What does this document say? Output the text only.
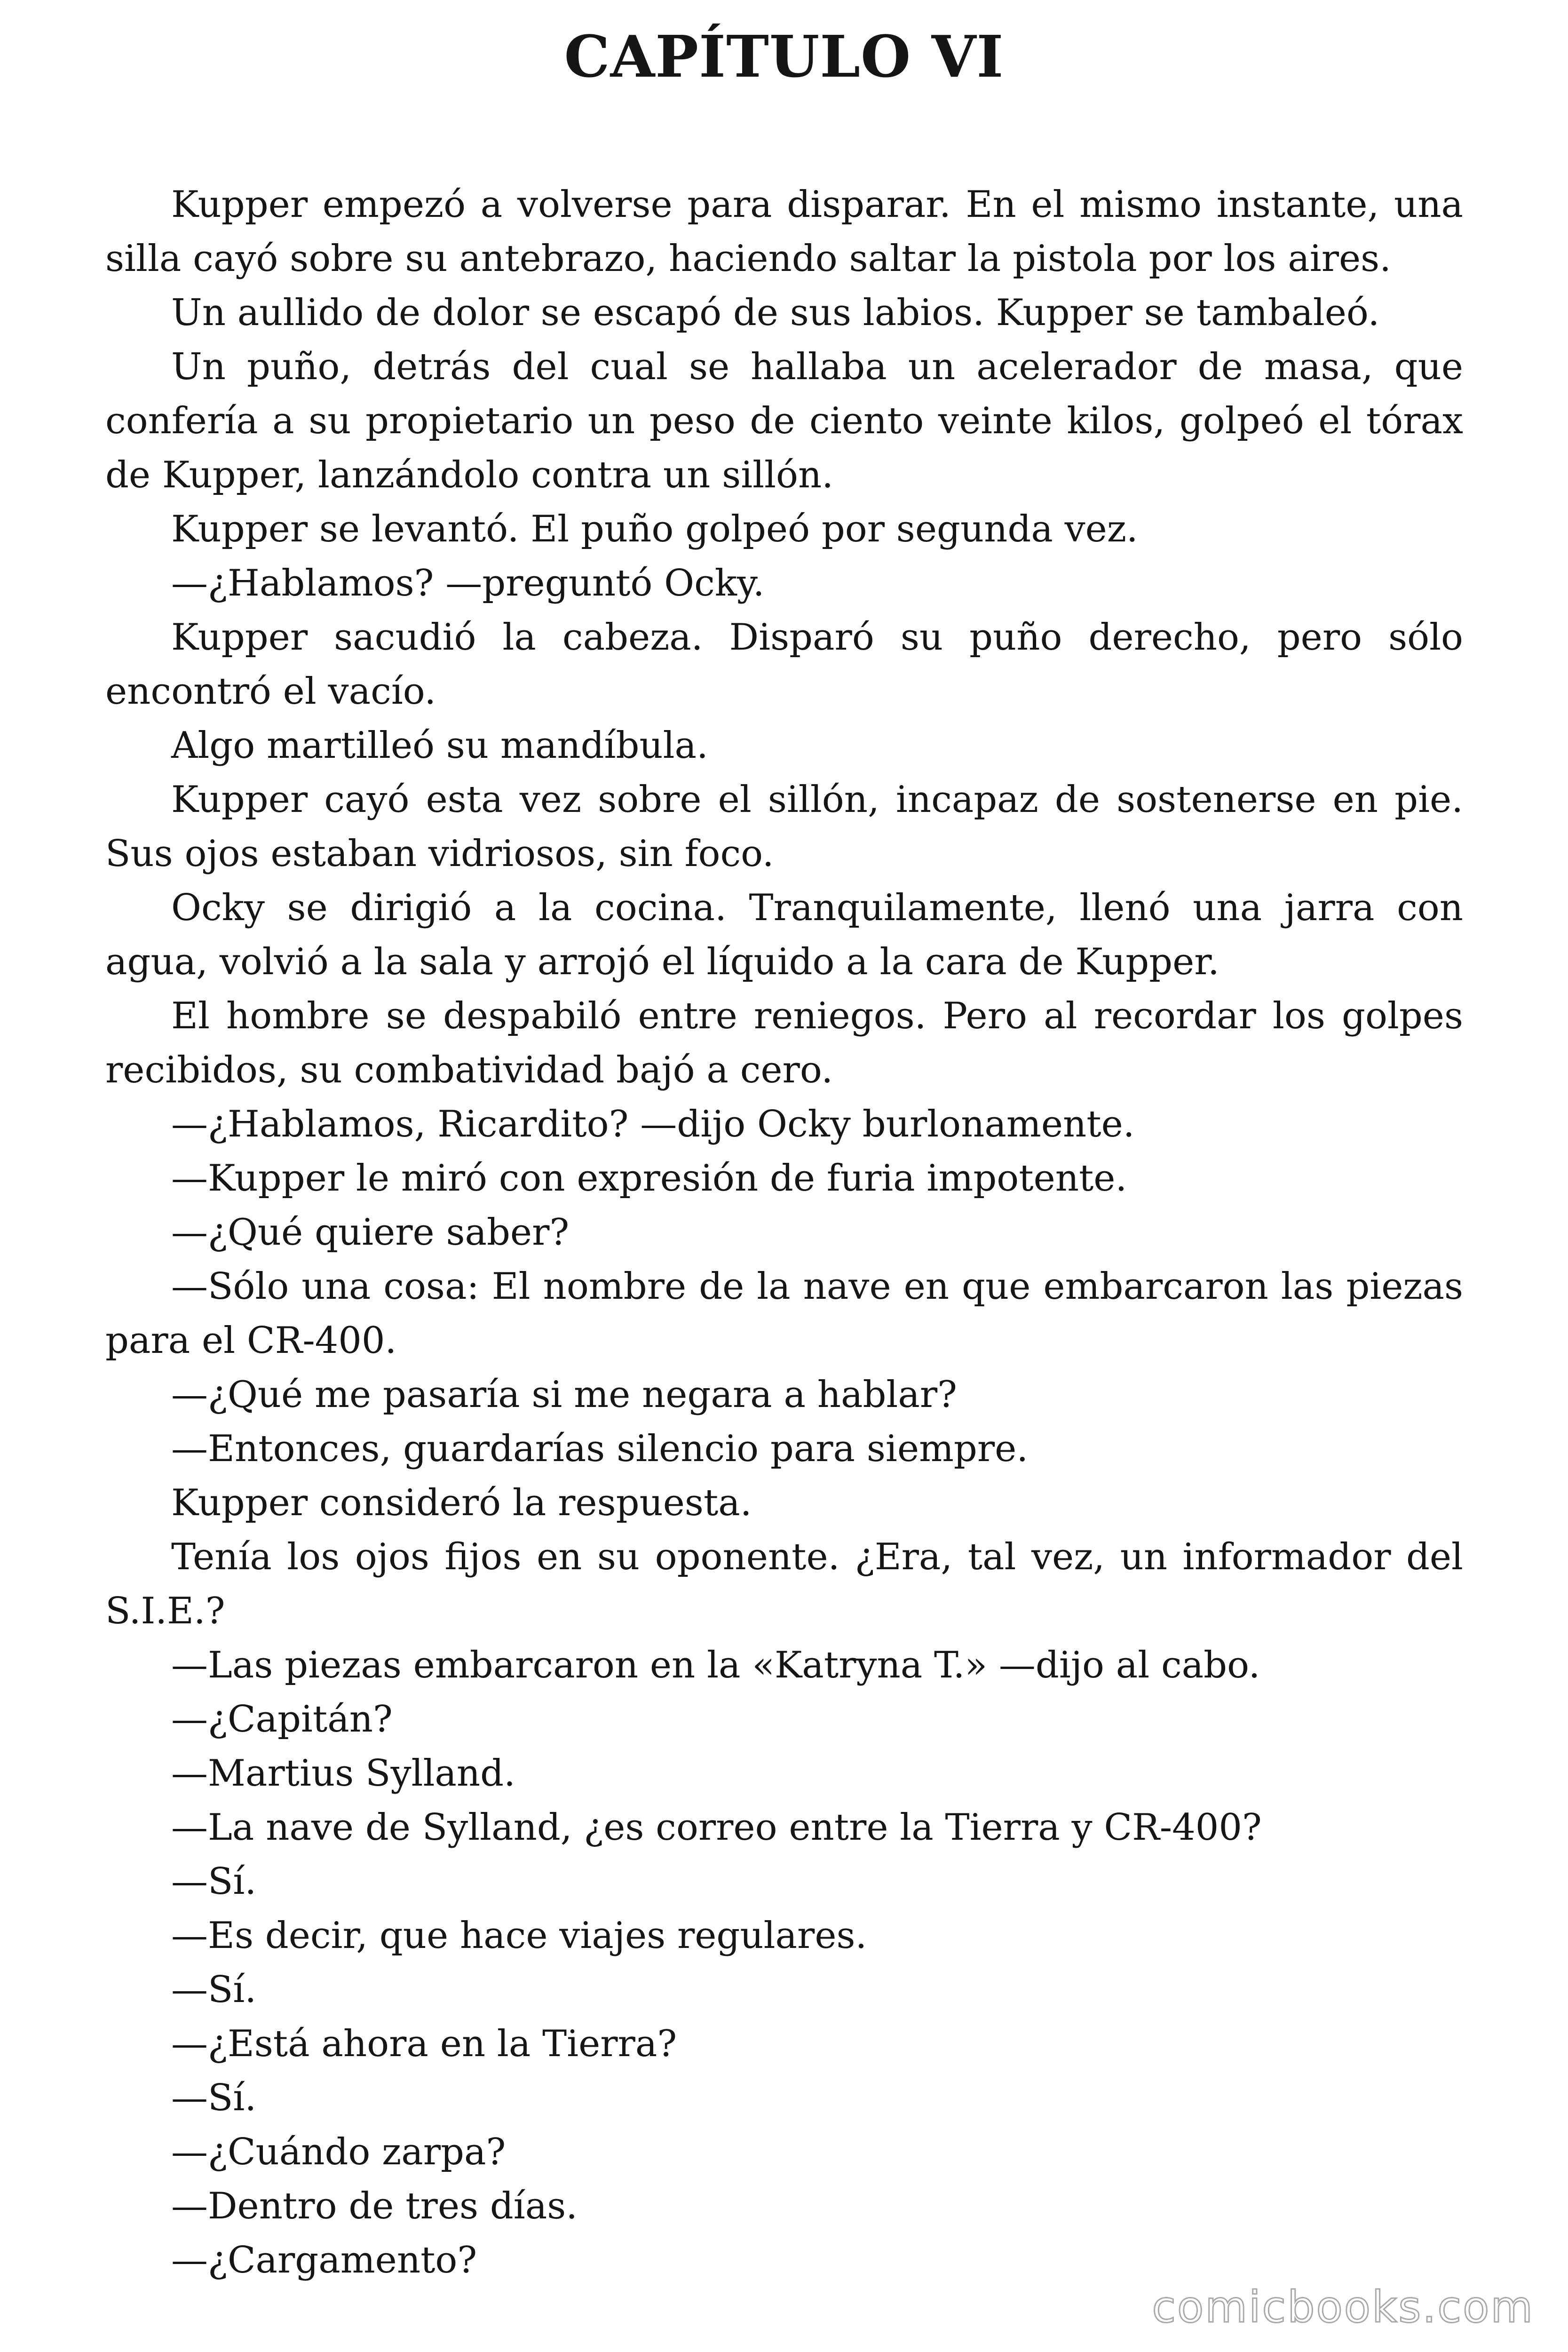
CAPÍTULO VI

Kupper empezó a volverse para disparar. En el mismo instante, una silla cayó sobre su antebrazo, haciendo saltar la pistola por los aires.

Un aullido de dolor se escapó de sus labios. Kupper se tambaleó.

Un puño, detrás del cual se hallaba un acelerador de masa, que confería a su propietario un peso de ciento veinte kilos, golpeó el tórax de Kupper, lanzándolo contra un sillón.

Kupper se levantó. El puño golpeó por segunda vez.

—¿Hablamos? —preguntó Ocky.

Kupper sacudió la cabeza. Disparó su puño derecho, pero sólo encontró el vacío.

Algo martilleó su mandíbula.

Kupper cayó esta vez sobre el sillón, incapaz de sostenerse en pie. Sus ojos estaban vidriosos, sin foco.

Ocky se dirigió a la cocina. Tranquilamente, llenó una jarra con agua, volvió a la sala y arrojó el líquido a la cara de Kupper.

El hombre se despabiló entre reniegos. Pero al recordar los golpes recibidos, su combatividad bajó a cero.

—¿Hablamos, Ricardito? —dijo Ocky burlonamente.

—Kupper le miró con expresión de furia impotente.

—¿Qué quiere saber?

—Sólo una cosa: El nombre de la nave en que embarcaron las piezas para el CR-400.

—¿Qué me pasaría si me negara a hablar?

—Entonces, guardarías silencio para siempre.

Kupper consideró la respuesta.

Tenía los ojos fijos en su oponente. ¿Era, tal vez, un informador del S.I.E.?

—Las piezas embarcaron en la «Katryna T.» —dijo al cabo.

—¿Capitán?

—Martius Sylland.

—La nave de Sylland, ¿es correo entre la Tierra y CR-400?

—Sí.

—Es decir, que hace viajes regulares.

—Sí.

—¿Está ahora en la Tierra?

—Sí.

—¿Cuándo zarpa?

—Dentro de tres días.

—¿Cargamento?

comicbooks.com
